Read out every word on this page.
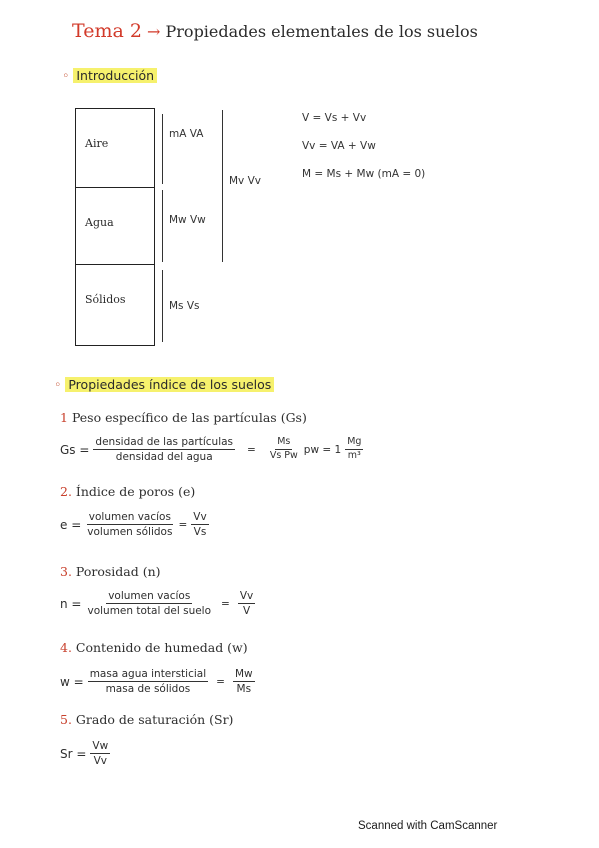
Tema 2 → Propiedades elementales de los suelos
◦ Introducción
Aire
Agua
Sólidos
mA VA
Mw Vw
Ms Vs
Mv Vv
V = Vs + Vv
Vv = VA + Vw
M = Ms + Mw (mA = 0)
◦ Propiedades índice de los suelos
1 Peso específico de las partículas (Gs)
$Gs = \frac{\text{densidad de las partículas}}{\text{densidad del agua}} = \frac{Ms}{\text{Vs Pw}}$ pw = $1 \frac{Mg}{\text{m³}}$
2. Índice de poros (e)
$e = \frac{\text{volumen vacíos}}{\text{volumen sólidos}} = \frac{Vv}{Vs}$
3. Porosidad (n)
$n = \frac{\text{volumen vacíos}}{\text{volumen total del suelo}} = \frac{Vv}{V}$
4. Contenido de humedad (w)
$w = \frac{\text{masa agua intersticial}}{\text{masa de sólidos}} = \frac{Mw}{Ms}$
5. Grado de saturación (Sr)
$Sr = \frac{Vw}{Vv}$
Scanned with CamScanner
